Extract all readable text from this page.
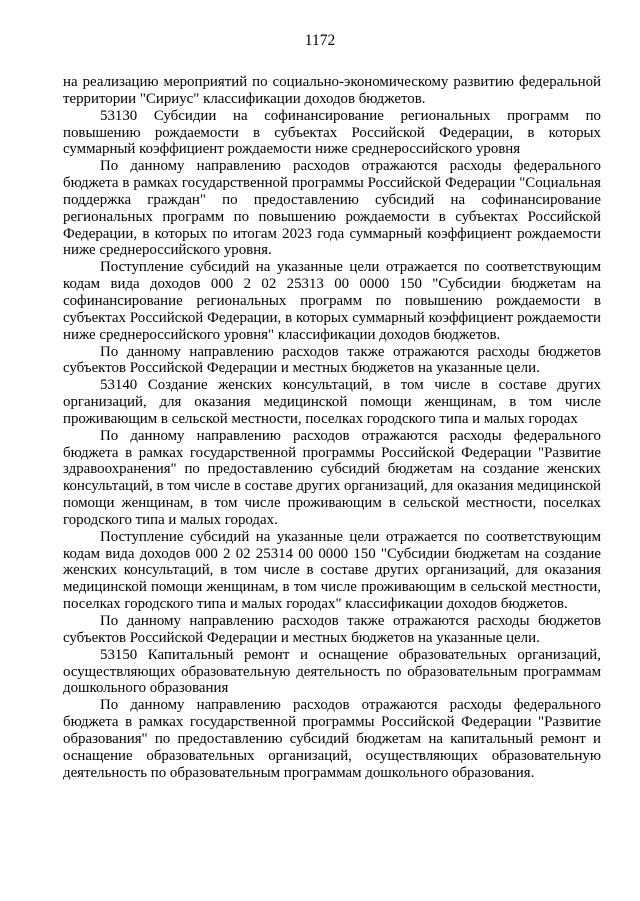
1172

на реализацию мероприятий по социально-экономическому развитию федеральной территории "Сириус" классификации доходов бюджетов.

53130 Субсидии на софинансирование региональных программ по повышению рождаемости в субъектах Российской Федерации, в которых суммарный коэффициент рождаемости ниже среднероссийского уровня

По данному направлению расходов отражаются расходы федерального бюджета в рамках государственной программы Российской Федерации "Социальная поддержка граждан" по предоставлению субсидий на софинансирование региональных программ по повышению рождаемости в субъектах Российской Федерации, в которых по итогам 2023 года суммарный коэффициент рождаемости ниже среднероссийского уровня.

Поступление субсидий на указанные цели отражается по соответствующим кодам вида доходов 000 2 02 25313 00 0000 150 "Субсидии бюджетам на софинансирование региональных программ по повышению рождаемости в субъектах Российской Федерации, в которых суммарный коэффициент рождаемости ниже среднероссийского уровня" классификации доходов бюджетов.

По данному направлению расходов также отражаются расходы бюджетов субъектов Российской Федерации и местных бюджетов на указанные цели.

53140 Создание женских консультаций, в том числе в составе других организаций, для оказания медицинской помощи женщинам, в том числе проживающим в сельской местности, поселках городского типа и малых городах

По данному направлению расходов отражаются расходы федерального бюджета в рамках государственной программы Российской Федерации "Развитие здравоохранения" по предоставлению субсидий бюджетам на создание женских консультаций, в том числе в составе других организаций, для оказания медицинской помощи женщинам, в том числе проживающим в сельской местности, поселках городского типа и малых городах.

Поступление субсидий на указанные цели отражается по соответствующим кодам вида доходов 000 2 02 25314 00 0000 150 "Субсидии бюджетам на создание женских консультаций, в том числе в составе других организаций, для оказания медицинской помощи женщинам, в том числе проживающим в сельской местности, поселках городского типа и малых городах" классификации доходов бюджетов.

По данному направлению расходов также отражаются расходы бюджетов субъектов Российской Федерации и местных бюджетов на указанные цели.

53150 Капитальный ремонт и оснащение образовательных организаций, осуществляющих образовательную деятельность по образовательным программам дошкольного образования

По данному направлению расходов отражаются расходы федерального бюджета в рамках государственной программы Российской Федерации "Развитие образования" по предоставлению субсидий бюджетам на капитальный ремонт и оснащение образовательных организаций, осуществляющих образовательную деятельность по образовательным программам дошкольного образования.
